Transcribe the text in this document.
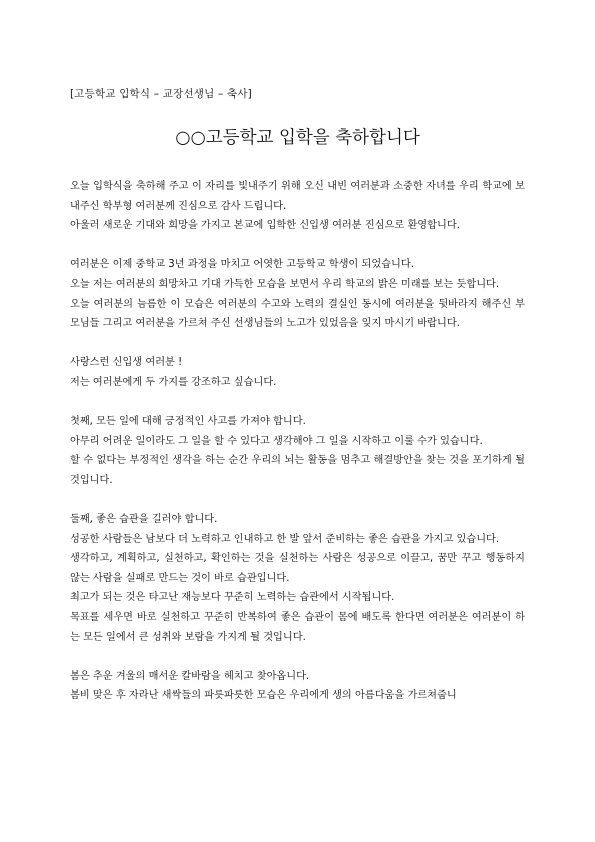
[고등학교 입학식 – 교장선생님 – 축사]
○○고등학교 입학을 축하합니다

오늘 입학식을 축하해 주고 이 자리를 빛내주기 위해 오신 내빈 여러분과 소중한 자녀를 우리 학교에 보내주신 학부형 여러분께 진심으로 감사 드립니다.

아울러 새로운 기대와 희망을 가지고 본교에 입학한 신입생 여러분 진심으로 환영합니다.

여러분은 이제 중학교 3년 과정을 마치고 어엿한 고등학교 학생이 되었습니다.

오늘 저는 여러분의 희망차고 기대 가득한 모습을 보면서 우리 학교의 밝은 미래를 보는 듯합니다.

오늘 여러분의 늠름한 이 모습은 여러분의 수고와 노력의 결실인 동시에 여러분을 뒷바라지 해주신 부모님들 그리고 여러분을 가르쳐 주신 선생님들의 노고가 있었음을 잊지 마시기 바랍니다.

사랑스런 신입생 여러분 !

저는 여러분에게 두 가지를 강조하고 싶습니다.

첫째, 모든 일에 대해 긍정적인 사고를 가져야 합니다.

아무리 어려운 일이라도 그 일을 할 수 있다고 생각해야 그 일을 시작하고 이룰 수가 있습니다.

할 수 없다는 부정적인 생각을 하는 순간 우리의 뇌는 활동을 멈추고 해결방안을 찾는 것을 포기하게 될 것입니다.

둘째, 좋은 습관을 길러야 합니다.

성공한 사람들은 남보다 더 노력하고 인내하고 한 발 앞서 준비하는 좋은 습관을 가지고 있습니다.

생각하고, 계획하고, 실천하고, 확인하는 것을 실천하는 사람은 성공으로 이끌고, 꿈만 꾸고 행동하지 않는 사람을 실패로 만드는 것이 바로 습관입니다.

최고가 되는 것은 타고난 재능보다 꾸준히 노력하는 습관에서 시작됩니다.

목표를 세우면 바로 실천하고 꾸준히 반복하여 좋은 습관이 몸에 배도록 한다면 여러분은 여러분이 하는 모든 일에서 큰 성취와 보람을 가지게 될 것입니다.

봄은 추운 겨울의 매서운 칼바람을 헤치고 찾아옵니다.

봄비 맞은 후 자라난 새싹들의 파릇파릇한 모습은 우리에게 생의 아름다움을 가르쳐줍니
